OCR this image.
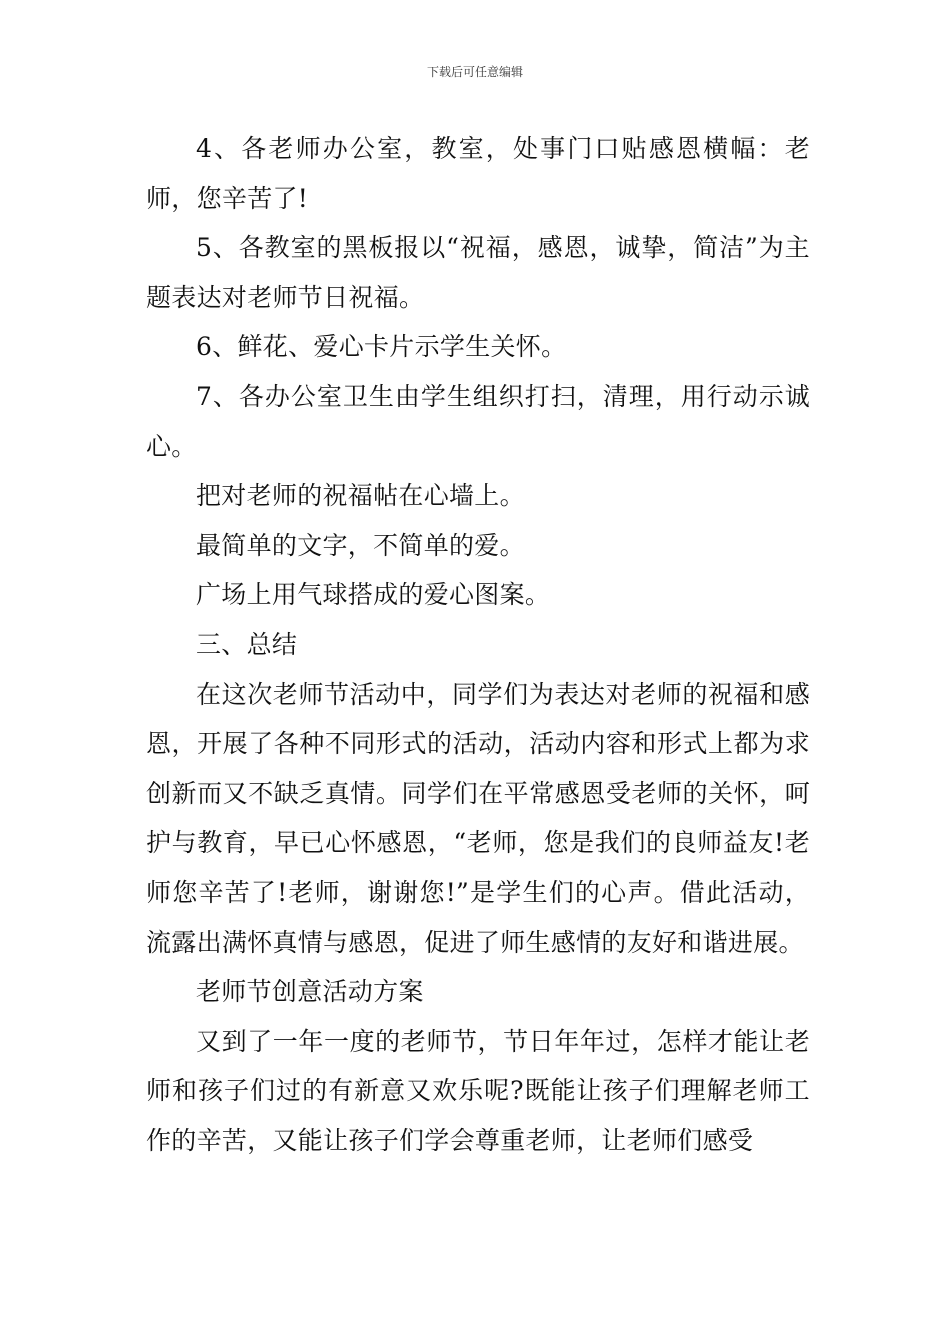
下载后可任意编辑

4、各老师办公室，教室，处事门口贴感恩横幅：老师，您辛苦了!

5、各教室的黑板报以“祝福，感恩，诚挚，简洁”为主题表达对老师节日祝福。

6、鲜花、爱心卡片示学生关怀。

7、各办公室卫生由学生组织打扫，清理，用行动示诚心。

把对老师的祝福帖在心墙上。

最简单的文字，不简单的爱。

广场上用气球搭成的爱心图案。

三、总结

在这次老师节活动中，同学们为表达对老师的祝福和感恩，开展了各种不同形式的活动，活动内容和形式上都为求创新而又不缺乏真情。同学们在平常感恩受老师的关怀，呵护与教育，早已心怀感恩，“老师，您是我们的良师益友!老师您辛苦了!老师，谢谢您!”是学生们的心声。借此活动，流露出满怀真情与感恩，促进了师生感情的友好和谐进展。

老师节创意活动方案

又到了一年一度的老师节，节日年年过，怎样才能让老师和孩子们过的有新意又欢乐呢?既能让孩子们理解老师工作的辛苦，又能让孩子们学会尊重老师，让老师们感受
